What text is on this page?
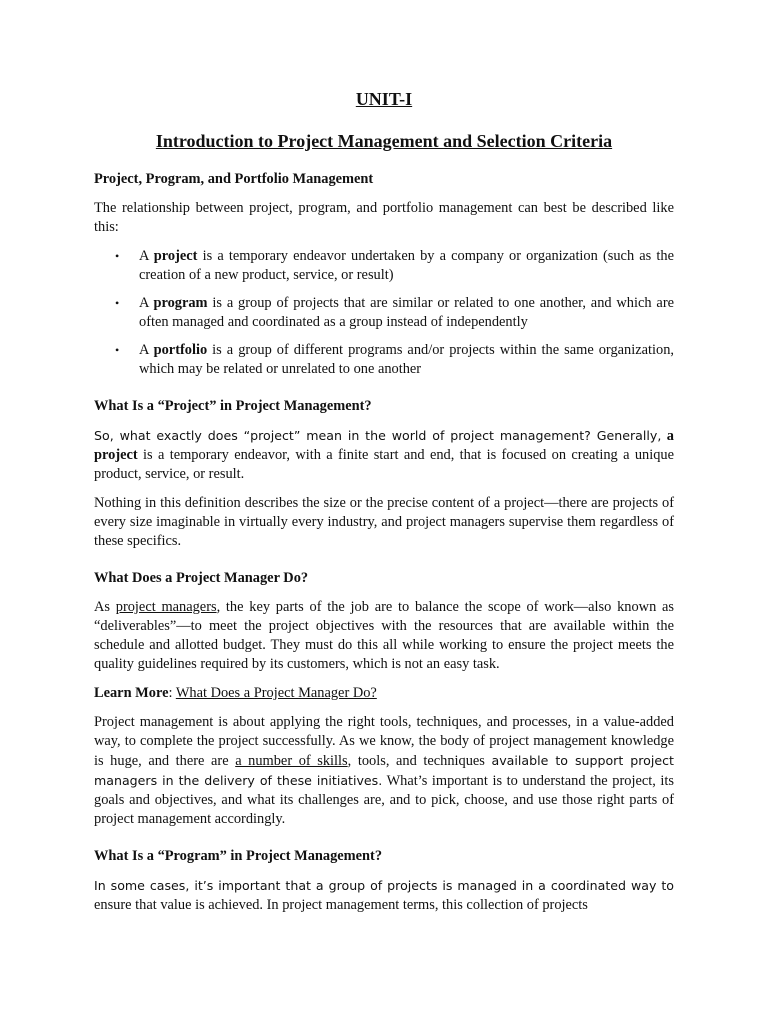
UNIT-I
Introduction to Project Management and Selection Criteria
Project, Program, and Portfolio Management

The relationship between project, program, and portfolio management can best be described like this:

• A project is a temporary endeavor undertaken by a company or organization (such as the creation of a new product, service, or result)
• A program is a group of projects that are similar or related to one another, and which are often managed and coordinated as a group instead of independently
• A portfolio is a group of different programs and/or projects within the same organization, which may be related or unrelated to one another
What Is a “Project” in Project Management?

So, what exactly does “project” mean in the world of project management? Generally, a project is a temporary endeavor, with a finite start and end, that is focused on creating a unique product, service, or result.

Nothing in this definition describes the size or the precise content of a project—there are projects of every size imaginable in virtually every industry, and project managers supervise them regardless of these specifics.

What Does a Project Manager Do?

As project managers, the key parts of the job are to balance the scope of work—also known as “deliverables”—to meet the project objectives with the resources that are available within the schedule and allotted budget. They must do this all while working to ensure the project meets the quality guidelines required by its customers, which is not an easy task.

Learn More: What Does a Project Manager Do?

Project management is about applying the right tools, techniques, and processes, in a value-added way, to complete the project successfully. As we know, the body of project management knowledge is huge, and there are a number of skills, tools, and techniques available to support project managers in the delivery of these initiatives. What’s important is to understand the project, its goals and objectives, and what its challenges are, and to pick, choose, and use those right parts of project management accordingly.

What Is a “Program” in Project Management?

In some cases, it’s important that a group of projects is managed in a coordinated way to ensure that value is achieved. In project management terms, this collection of projects
